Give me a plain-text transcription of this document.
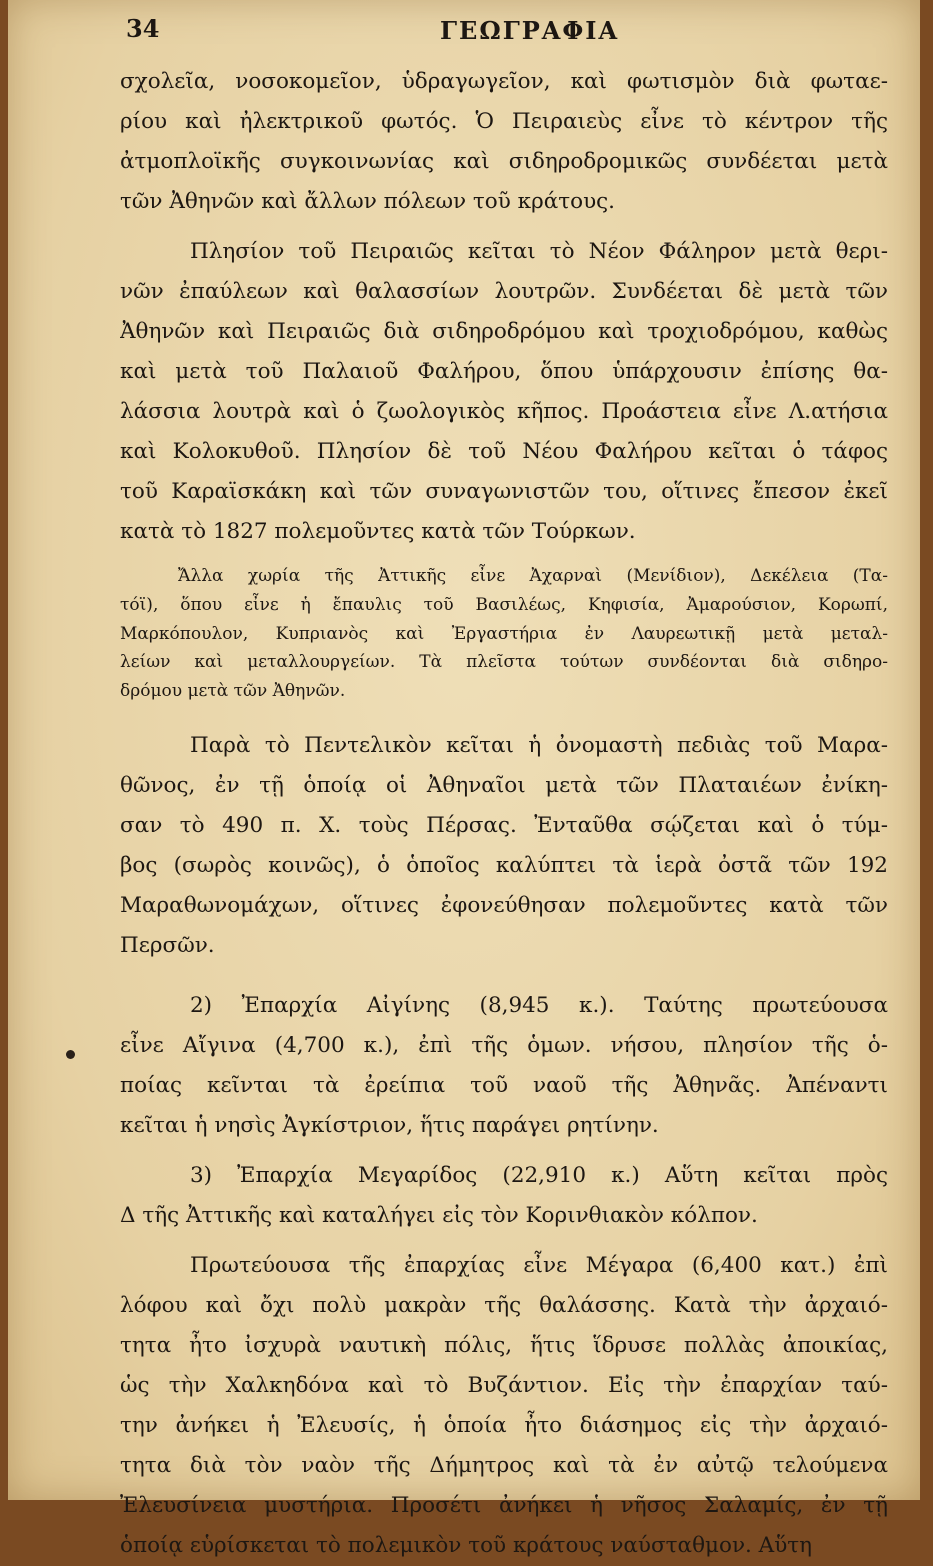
34	ΓΕΩΓΡΑΦΙΑ
σχολεῖα, νοσοκομεῖον, ὑδραγωγεῖον, καὶ φωτισμὸν διὰ φωταε-
ρίου καὶ ἠλεκτρικοῦ φωτός. Ὁ Πειραιεὺς εἶνε τὸ κέντρον τῆς
ἀτμοπλοϊκῆς συγκοινωνίας καὶ σιδηροδρομικῶς συνδέεται μετὰ
τῶν Ἀθηνῶν καὶ ἄλλων πόλεων τοῦ κράτους.
Πλησίον τοῦ Πειραιῶς κεῖται τὸ Νέον Φάληρον μετὰ θερι-
νῶν ἐπαύλεων καὶ θαλασσίων λουτρῶν. Συνδέεται δὲ μετὰ τῶν
Ἀθηνῶν καὶ Πειραιῶς διὰ σιδηροδρόμου καὶ τροχιοδρόμου, καθὼς
καὶ μετὰ τοῦ Παλαιοῦ Φαλήρου, ὅπου ὑπάρχουσιν ἐπίσης θα-
λάσσια λουτρὰ καὶ ὁ ζωολογικὸς κῆπος. Προάστεια εἶνε Λ.ατήσια
καὶ Κολοκυθοῦ. Πλησίον δὲ τοῦ Νέου Φαλήρου κεῖται ὁ τάφος
τοῦ Καραϊσκάκη καὶ τῶν συναγωνιστῶν του, οἵτινες ἔπεσον ἐκεῖ
κατὰ τὸ 1827 πολεμοῦντες κατὰ τῶν Τούρκων.
Ἄλλα χωρία τῆς Ἀττικῆς εἶνε Ἀχαρναὶ (Μενίδιον), Δεκέλεια (Τα-
τόϊ), ὅπου εἶνε ἡ ἔπαυλις τοῦ Βασιλέως, Κηφισία, Ἀμαρούσιον, Κορωπί,
Μαρκόπουλον, Κυπριανὸς καὶ Ἐργαστήρια ἐν Λαυρεωτικῇ μετὰ μεταλ-
λείων καὶ μεταλλουργείων. Τὰ πλεῖστα τούτων συνδέονται διὰ σιδηρο-
δρόμου μετὰ τῶν Ἀθηνῶν.
Παρὰ τὸ Πεντελικὸν κεῖται ἡ ὀνομαστὴ πεδιὰς τοῦ Μαρα-
θῶνος, ἐν τῇ ὁποίᾳ οἱ Ἀθηναῖοι μετὰ τῶν Πλαταιέων ἐνίκη-
σαν τὸ 490 π. Χ. τοὺς Πέρσας. Ἐνταῦθα σῴζεται καὶ ὁ τύμ-
βος (σωρὸς κοινῶς), ὁ ὁποῖος καλύπτει τὰ ἱερὰ ὀστᾶ τῶν 192
Μαραθωνομάχων, οἵτινες ἐφονεύθησαν πολεμοῦντες κατὰ τῶν
Περσῶν.
2) Ἐπαρχία Αἰγίνης (8,945 κ.). Ταύτης πρωτεύουσα
εἶνε Αἴγινα (4,700 κ.), ἐπὶ τῆς ὁμων. νήσου, πλησίον τῆς ὁ-
ποίας κεῖνται τὰ ἐρείπια τοῦ ναοῦ τῆς Ἀθηνᾶς. Ἀπέναντι
κεῖται ἡ νησὶς Ἀγκίστριον, ἥτις παράγει ρητίνην.
3) Ἐπαρχία Μεγαρίδος (22,910 κ.) Αὕτη κεῖται πρὸς
Δ τῆς Ἀττικῆς καὶ καταλήγει εἰς τὸν Κορινθιακὸν κόλπον.
Πρωτεύουσα τῆς ἐπαρχίας εἶνε Μέγαρα (6,400 κατ.) ἐπὶ
λόφου καὶ ὄχι πολὺ μακρὰν τῆς θαλάσσης. Κατὰ τὴν ἀρχαιό-
τητα ἦτο ἰσχυρὰ ναυτικὴ πόλις, ἥτις ἵδρυσε πολλὰς ἀποικίας,
ὡς τὴν Χαλκηδόνα καὶ τὸ Βυζάντιον. Εἰς τὴν ἐπαρχίαν ταύ-
την ἀνήκει ἡ Ἐλευσίς, ἡ ὁποία ἦτο διάσημος εἰς τὴν ἀρχαιό-
τητα διὰ τὸν ναὸν τῆς Δήμητρος καὶ τὰ ἐν αὐτῷ τελούμενα
Ἐλευσίνεια μυστήρια. Προσέτι ἀνήκει ἡ νῆσος Σαλαμίς, ἐν τῇ
ὁποίᾳ εὑρίσκεται τὸ πολεμικὸν τοῦ κράτους ναύσταθμον. Αὕτη
